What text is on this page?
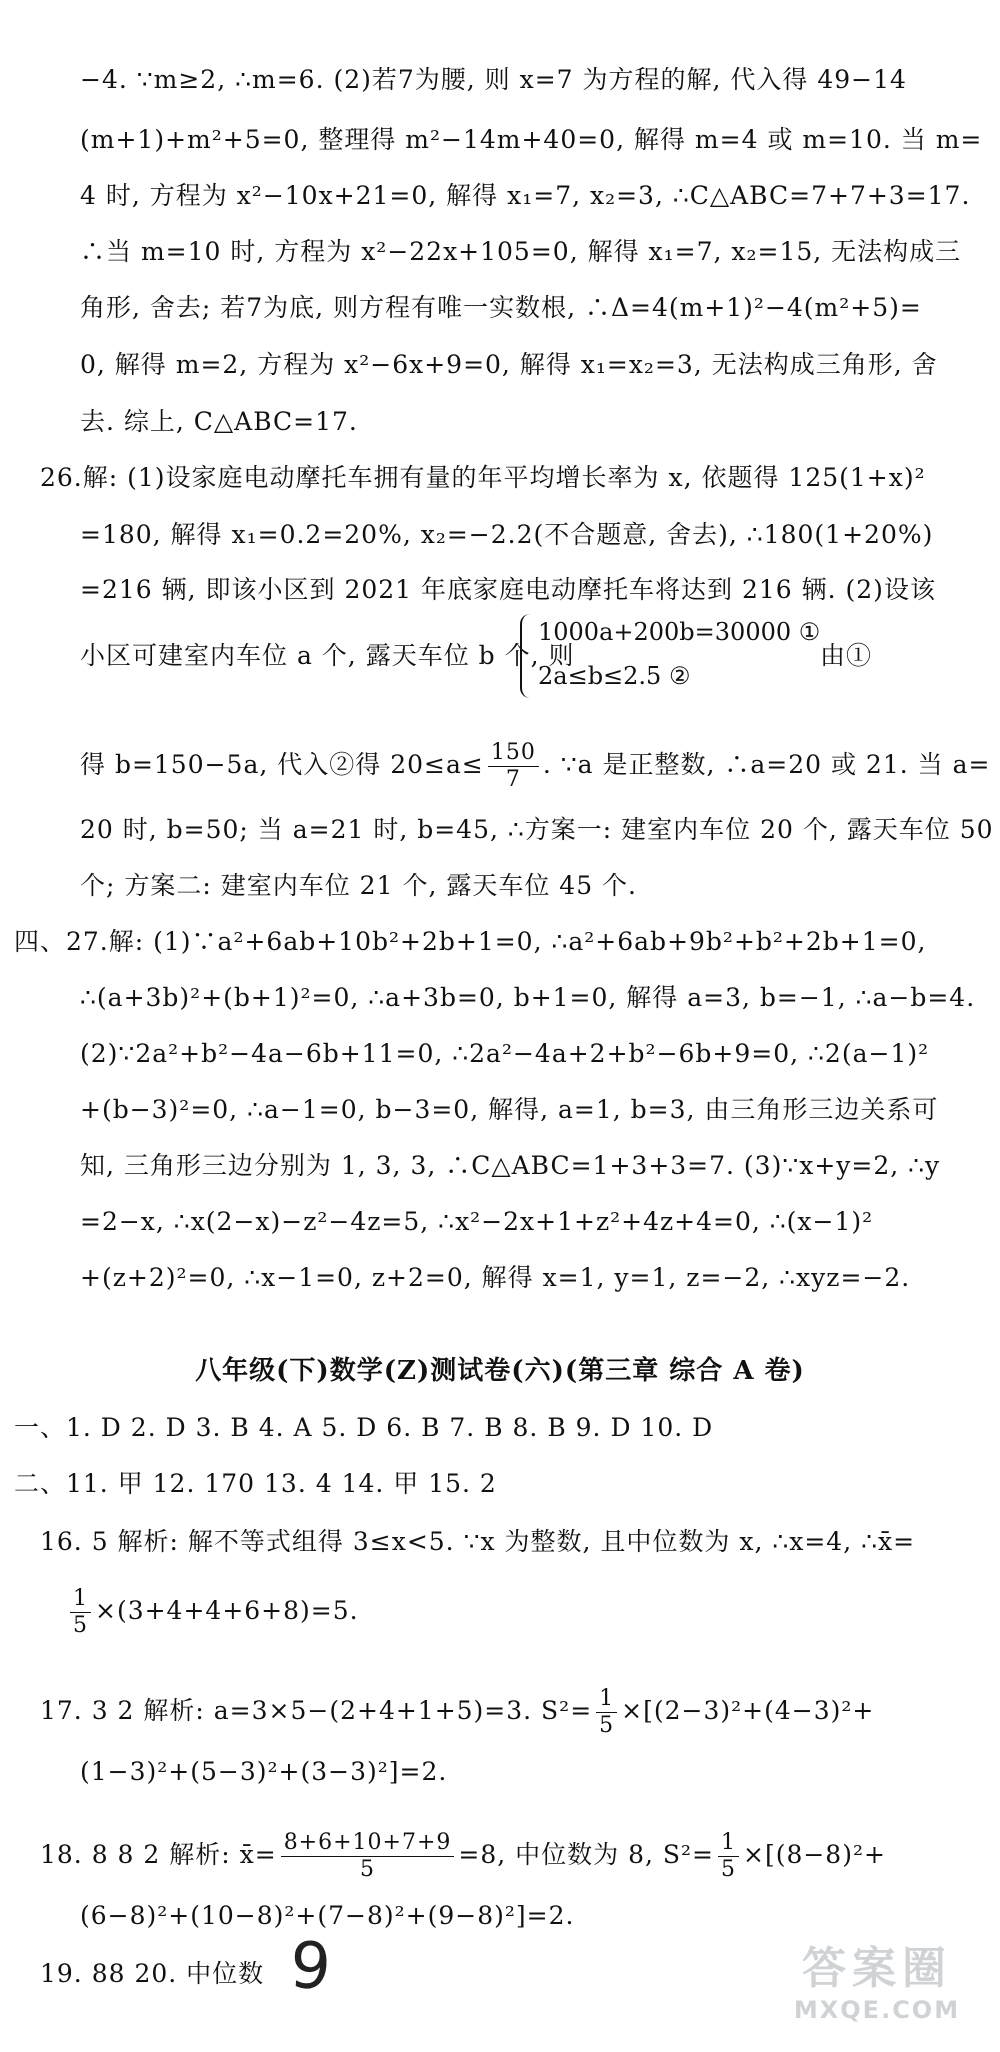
−4. ∵m≥2, ∴m=6. (2)若7为腰, 则 x=7 为方程的解, 代入得 49−14
(m+1)+m²+5=0, 整理得 m²−14m+40=0, 解得 m=4 或 m=10. 当 m=
4 时, 方程为 x²−10x+21=0, 解得 x₁=7, x₂=3, ∴C△ABC=7+7+3=17.
∴当 m=10 时, 方程为 x²−22x+105=0, 解得 x₁=7, x₂=15, 无法构成三
角形, 舍去; 若7为底, 则方程有唯一实数根, ∴Δ=4(m+1)²−4(m²+5)=
0, 解得 m=2, 方程为 x²−6x+9=0, 解得 x₁=x₂=3, 无法构成三角形, 舍
去. 综上, C△ABC=17.
26.解: (1)设家庭电动摩托车拥有量的年平均增长率为 x, 依题得 125(1+x)²
=180, 解得 x₁=0.2=20%, x₂=−2.2(不合题意, 舍去), ∴180(1+20%)
=216 辆, 即该小区到 2021 年底家庭电动摩托车将达到 216 辆. (2)设该
小区可建室内车位 a 个, 露天车位 b 个, 则
1000a+200b=30000 ①
2a≤b≤2.5 ②
由①
得 b=150−5a, 代入②得 $20\le a\le \frac{150}{7}$ . ∵a 是正整数, ∴a=20 或 21. 当 a=
20 时, b=50; 当 a=21 时, b=45, ∴方案一: 建室内车位 20 个, 露天车位 50
个; 方案二: 建室内车位 21 个, 露天车位 45 个.
四、27.解: (1)∵a²+6ab+10b²+2b+1=0, ∴a²+6ab+9b²+b²+2b+1=0,
∴(a+3b)²+(b+1)²=0, ∴a+3b=0, b+1=0, 解得 a=3, b=−1, ∴a−b=4.
(2)∵2a²+b²−4a−6b+11=0, ∴2a²−4a+2+b²−6b+9=0, ∴2(a−1)²
+(b−3)²=0, ∴a−1=0, b−3=0, 解得, a=1, b=3, 由三角形三边关系可
知, 三角形三边分别为 1, 3, 3, ∴C△ABC=1+3+3=7. (3)∵x+y=2, ∴y
=2−x, ∴x(2−x)−z²−4z=5, ∴x²−2x+1+z²+4z+4=0, ∴(x−1)²
+(z+2)²=0, ∴x−1=0, z+2=0, 解得 x=1, y=1, z=−2, ∴xyz=−2.
八年级(下)数学(Z)测试卷(六)(第三章 综合 A 卷)
一、1. D 2. D 3. B 4. A 5. D 6. B 7. B 8. B 9. D 10. D
二、11. 甲 12. 170 13. 4 14. 甲 15. 2
16. 5 解析: 解不等式组得 3≤x<5. ∵x 为整数, 且中位数为 x, ∴x=4, ∴x̄=
$\frac{1}{5} \times(3+4+4+6+8)=5$.
17. 3 2 解析: a=3×5−(2+4+1+5)=3. $S^2= \frac{1}{5} \times[(2-3)^2+(4-3)^2+$
(1−3)²+(5−3)²+(3−3)²]=2.
18. 8 8 2 解析: x̄= $\frac{8+6+10+7+9}{5} =8$, 中位数为 8, $S^2= \frac{1}{5} \times[(8-8)^2+$
(6−8)²+(10−8)²+(7−8)²+(9−8)²]=2.
19. 88 20. 中位数 9	答案圈
MXQE.COM
